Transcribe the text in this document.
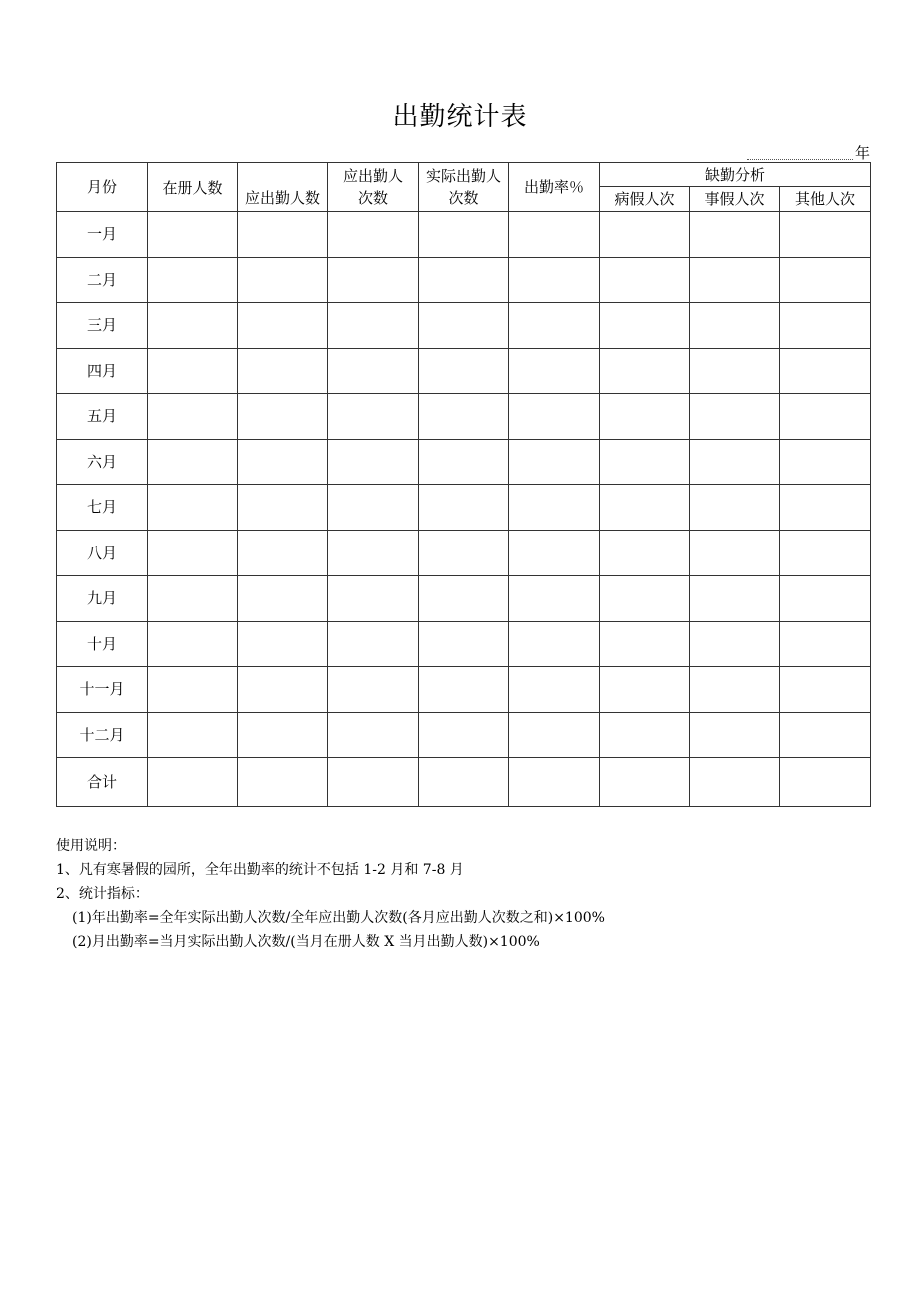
出勤统计表
年
月份	在册人数	应出勤人数	应出勤人次数	实际出勤人次数	出勤率％	缺勤分析		
						病假人次	事假人次	其他人次
一月								
二月								
三月								
四月								
五月								
六月								
七月								
八月								
九月								
十月								
十一月								
十二月								
合计								
使用说明：
1、凡有寒暑假的园所，全年出勤率的统计不包括 1-2 月和 7-8 月
2、统计指标：
(1)年出勤率=全年实际出勤人次数/全年应出勤人次数(各月应出勤人次数之和)×100%
(2)月出勤率=当月实际出勤人次数/(当月在册人数 X 当月出勤人数)×100%
